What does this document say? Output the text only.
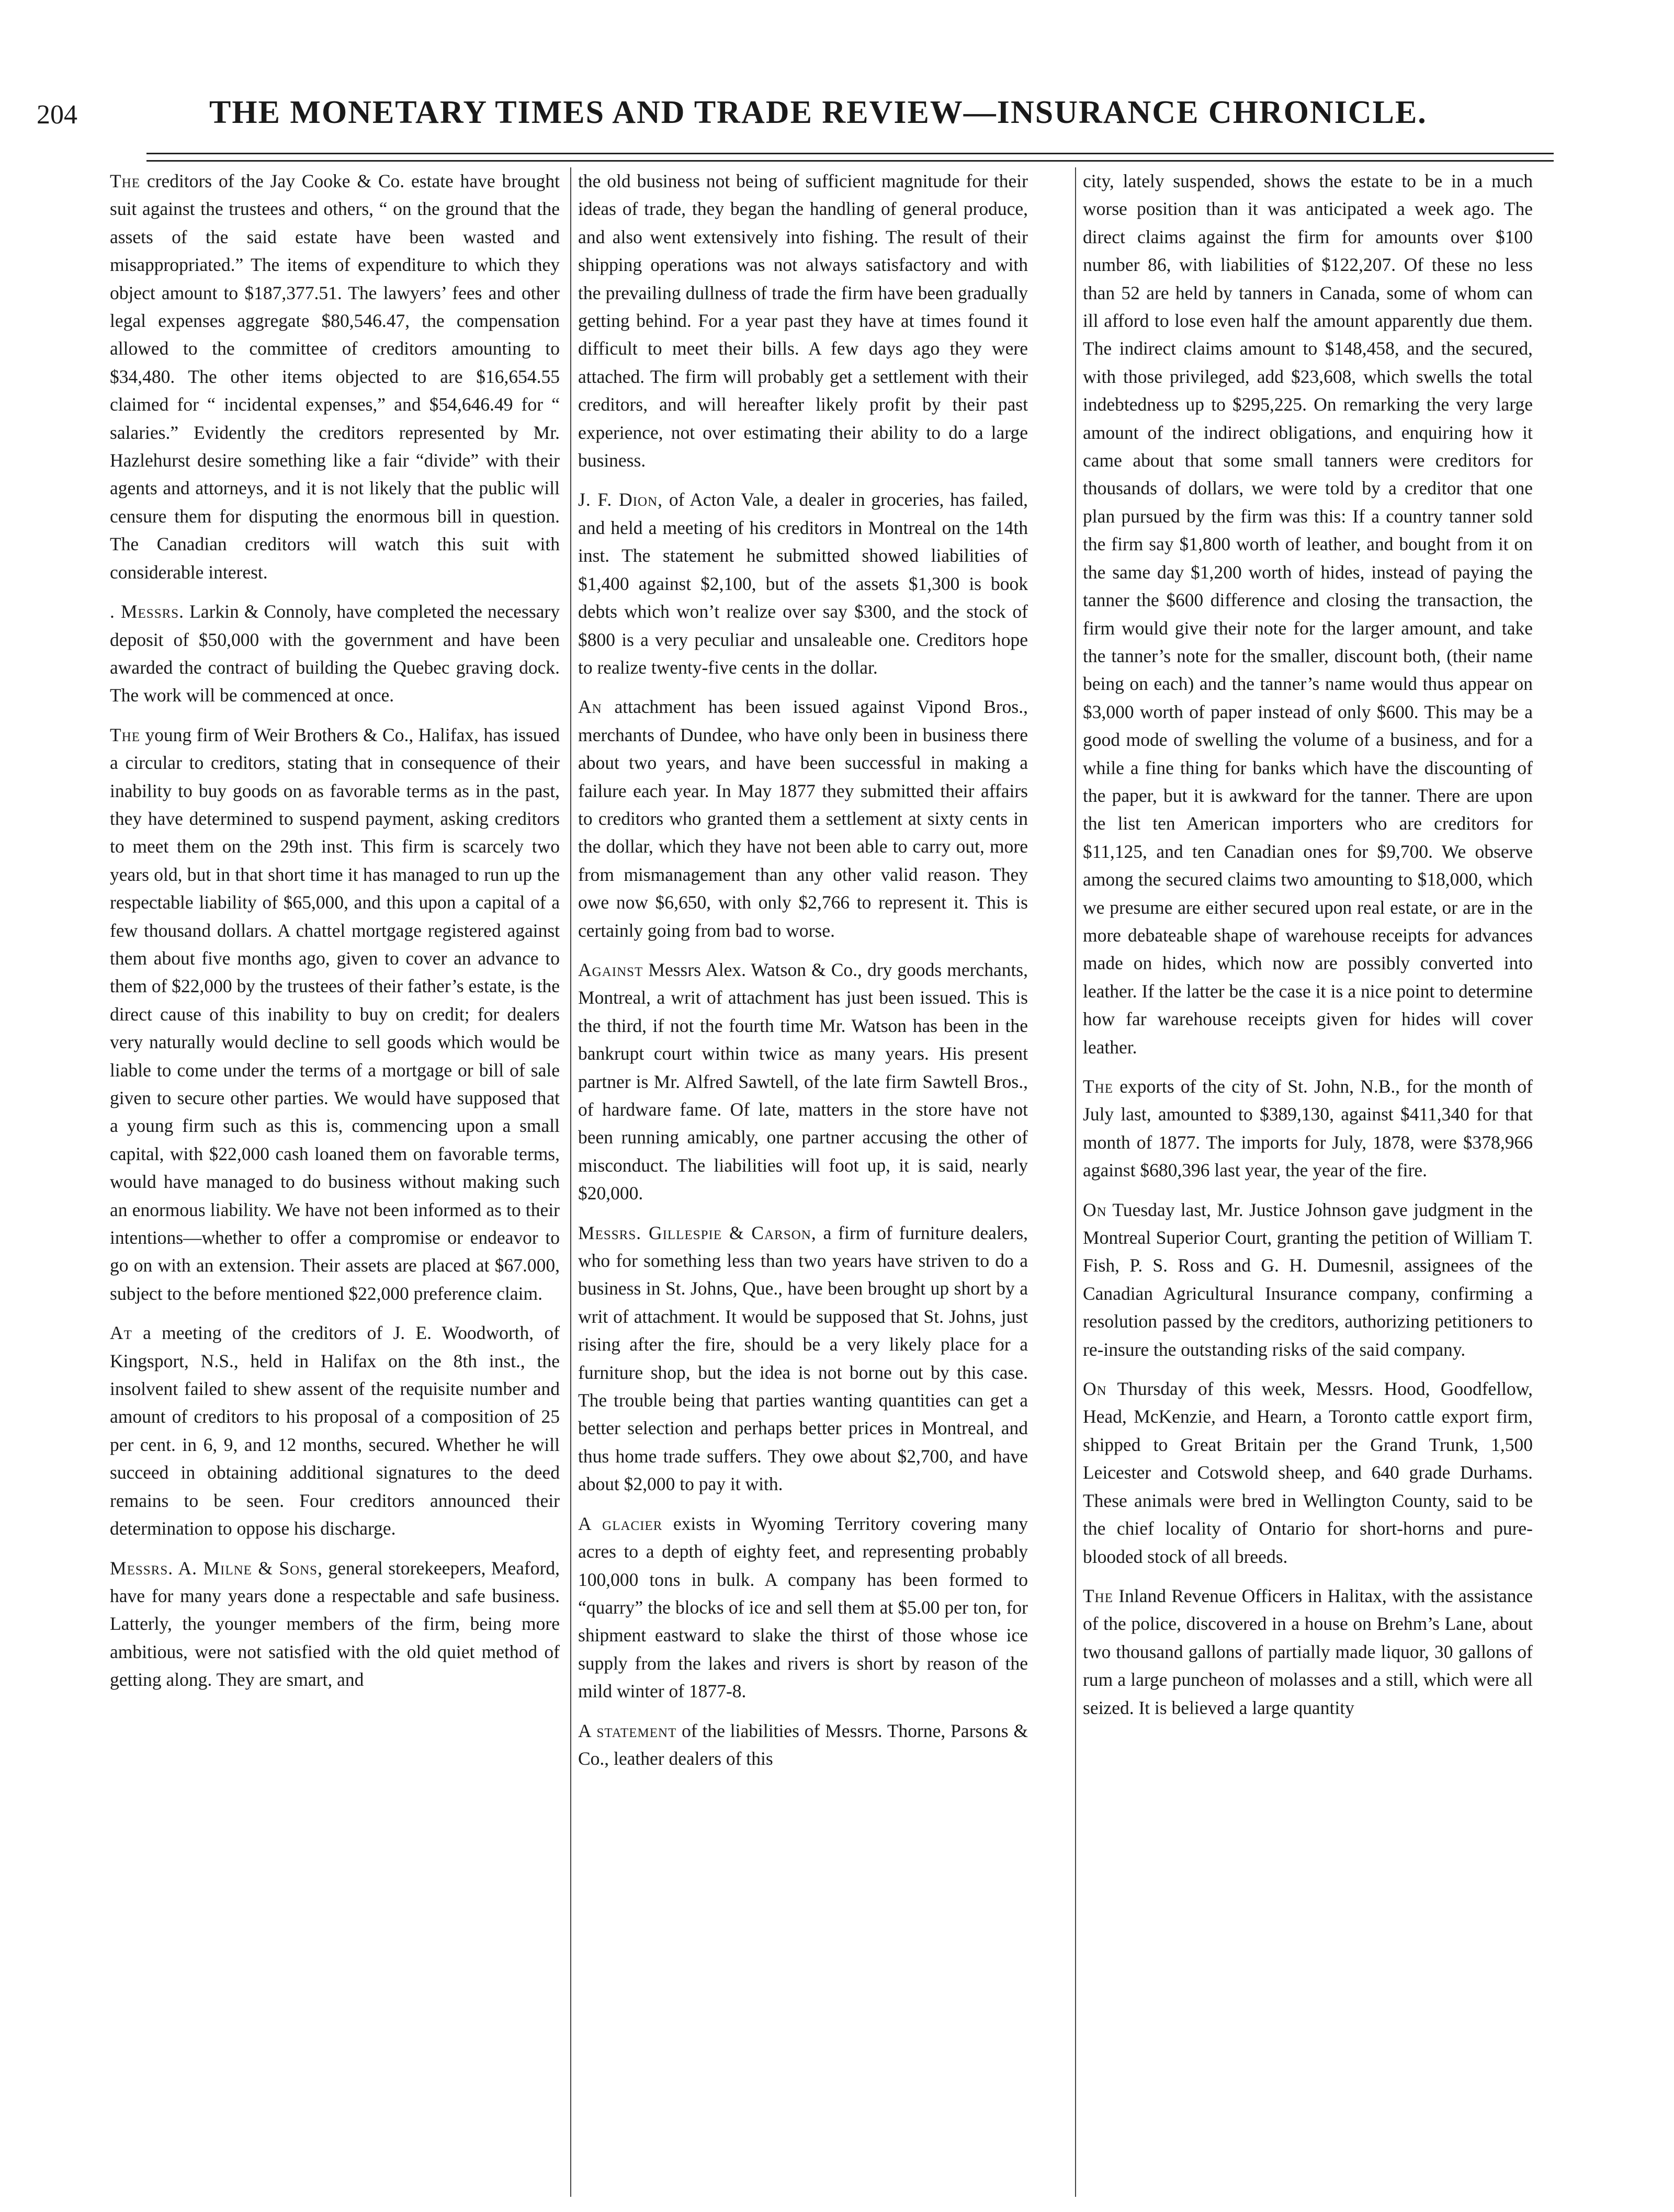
204	THE MONETARY TIMES AND TRADE REVIEW—INSURANCE CHRONICLE.

The creditors of the Jay Cooke & Co. estate have brought suit against the trustees and others, “ on the ground that the assets of the said estate have been wasted and misappropriated.” The items of expenditure to which they object amount to $187,377.51. The lawyers’ fees and other legal expenses aggregate $80,546.47, the compensation allowed to the committee of creditors amounting to $34,480. The other items objected to are $16,654.55 claimed for “ incidental expenses,” and $54,646.49 for “ salaries.” Evidently the creditors represented by Mr. Hazlehurst desire something like a fair “divide” with their agents and attorneys, and it is not likely that the public will censure them for disputing the enormous bill in question. The Canadian creditors will watch this suit with considerable interest.

. Messrs. Larkin & Connoly, have completed the necessary deposit of $50,000 with the government and have been awarded the contract of building the Quebec graving dock. The work will be commenced at once.

The young firm of Weir Brothers & Co., Halifax, has issued a circular to creditors, stating that in consequence of their inability to buy goods on as favorable terms as in the past, they have determined to suspend payment, asking creditors to meet them on the 29th inst. This firm is scarcely two years old, but in that short time it has managed to run up the respectable liability of $65,000, and this upon a capital of a few thousand dollars. A chattel mortgage registered against them about five months ago, given to cover an advance to them of $22,000 by the trustees of their father’s estate, is the direct cause of this inability to buy on credit; for dealers very naturally would decline to sell goods which would be liable to come under the terms of a mortgage or bill of sale given to secure other parties. We would have supposed that a young firm such as this is, commencing upon a small capital, with $22,000 cash loaned them on favorable terms, would have managed to do business without making such an enormous liability. We have not been informed as to their intentions—whether to offer a compromise or endeavor to go on with an extension. Their assets are placed at $67.000, subject to the before mentioned $22,000 preference claim.

At a meeting of the creditors of J. E. Woodworth, of Kingsport, N.S., held in Halifax on the 8th inst., the insolvent failed to shew assent of the requisite number and amount of creditors to his proposal of a composition of 25 per cent. in 6, 9, and 12 months, secured. Whether he will succeed in obtaining additional signatures to the deed remains to be seen. Four creditors announced their determination to oppose his discharge.

Messrs. A. Milne & Sons, general storekeepers, Meaford, have for many years done a respectable and safe business. Latterly, the younger members of the firm, being more ambitious, were not satisfied with the old quiet method of getting along. They are smart, and

the old business not being of sufficient magnitude for their ideas of trade, they began the handling of general produce, and also went extensively into fishing. The result of their shipping operations was not always satisfactory and with the prevailing dullness of trade the firm have been gradually getting behind. For a year past they have at times found it difficult to meet their bills. A few days ago they were attached. The firm will probably get a settlement with their creditors, and will hereafter likely profit by their past experience, not over estimating their ability to do a large business.

J. F. Dion, of Acton Vale, a dealer in groceries, has failed, and held a meeting of his creditors in Montreal on the 14th inst. The statement he submitted showed liabilities of $1,400 against $2,100, but of the assets $1,300 is book debts which won’t realize over say $300, and the stock of $800 is a very peculiar and unsaleable one. Creditors hope to realize twenty-five cents in the dollar.

An attachment has been issued against Vipond Bros., merchants of Dundee, who have only been in business there about two years, and have been successful in making a failure each year. In May 1877 they submitted their affairs to creditors who granted them a settlement at sixty cents in the dollar, which they have not been able to carry out, more from mismanagement than any other valid reason. They owe now $6,650, with only $2,766 to represent it. This is certainly going from bad to worse.

Against Messrs Alex. Watson & Co., dry goods merchants, Montreal, a writ of attachment has just been issued. This is the third, if not the fourth time Mr. Watson has been in the bankrupt court within twice as many years. His present partner is Mr. Alfred Sawtell, of the late firm Sawtell Bros., of hardware fame. Of late, matters in the store have not been running amicably, one partner accusing the other of misconduct. The liabilities will foot up, it is said, nearly $20,000.

Messrs. Gillespie & Carson, a firm of furniture dealers, who for something less than two years have striven to do a business in St. Johns, Que., have been brought up short by a writ of attachment. It would be supposed that St. Johns, just rising after the fire, should be a very likely place for a furniture shop, but the idea is not borne out by this case. The trouble being that parties wanting quantities can get a better selection and perhaps better prices in Montreal, and thus home trade suffers. They owe about $2,700, and have about $2,000 to pay it with.

A glacier exists in Wyoming Territory covering many acres to a depth of eighty feet, and representing probably 100,000 tons in bulk. A company has been formed to “quarry” the blocks of ice and sell them at $5.00 per ton, for shipment eastward to slake the thirst of those whose ice supply from the lakes and rivers is short by reason of the mild winter of 1877-8.

A statement of the liabilities of Messrs. Thorne, Parsons & Co., leather dealers of this

city, lately suspended, shows the estate to be in a much worse position than it was anticipated a week ago. The direct claims against the firm for amounts over $100 number 86, with liabilities of $122,207. Of these no less than 52 are held by tanners in Canada, some of whom can ill afford to lose even half the amount apparently due them. The indirect claims amount to $148,458, and the secured, with those privileged, add $23,608, which swells the total indebtedness up to $295,225. On remarking the very large amount of the indirect obligations, and enquiring how it came about that some small tanners were creditors for thousands of dollars, we were told by a creditor that one plan pursued by the firm was this: If a country tanner sold the firm say $1,800 worth of leather, and bought from it on the same day $1,200 worth of hides, instead of paying the tanner the $600 difference and closing the transaction, the firm would give their note for the larger amount, and take the tanner’s note for the smaller, discount both, (their name being on each) and the tanner’s name would thus appear on $3,000 worth of paper instead of only $600. This may be a good mode of swelling the volume of a business, and for a while a fine thing for banks which have the discounting of the paper, but it is awkward for the tanner. There are upon the list ten American importers who are creditors for $11,125, and ten Canadian ones for $9,700. We observe among the secured claims two amounting to $18,000, which we presume are either secured upon real estate, or are in the more debateable shape of warehouse receipts for advances made on hides, which now are possibly converted into leather. If the latter be the case it is a nice point to determine how far warehouse receipts given for hides will cover leather.

The exports of the city of St. John, N.B., for the month of July last, amounted to $389,130, against $411,340 for that month of 1877. The imports for July, 1878, were $378,966 against $680,396 last year, the year of the fire.

On Tuesday last, Mr. Justice Johnson gave judgment in the Montreal Superior Court, granting the petition of William T. Fish, P. S. Ross and G. H. Dumesnil, assignees of the Canadian Agricultural Insurance company, confirming a resolution passed by the creditors, authorizing petitioners to re-insure the outstanding risks of the said company.

On Thursday of this week, Messrs. Hood, Goodfellow, Head, McKenzie, and Hearn, a Toronto cattle export firm, shipped to Great Britain per the Grand Trunk, 1,500 Leicester and Cotswold sheep, and 640 grade Durhams. These animals were bred in Wellington County, said to be the chief locality of Ontario for short-horns and pure-blooded stock of all breeds.

The Inland Revenue Officers in Halitax, with the assistance of the police, discovered in a house on Brehm’s Lane, about two thousand gallons of partially made liquor, 30 gallons of rum a large puncheon of molasses and a still, which were all seized. It is believed a large quantity
